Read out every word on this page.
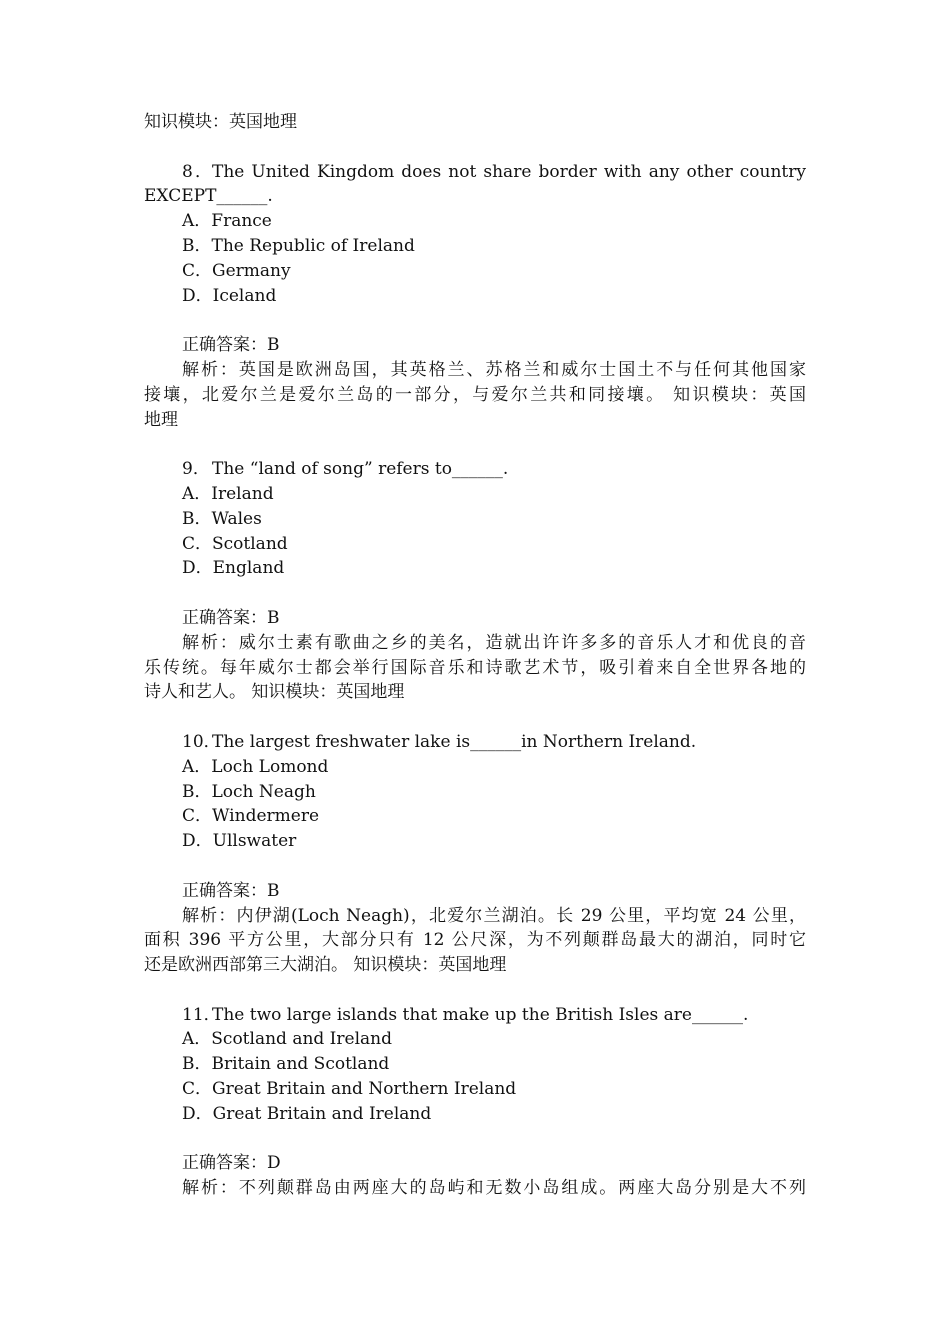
知识模块：英国地理
8．The United Kingdom does not share border with any other country
EXCEPT______.
A．France
B．The Republic of Ireland
C．Germany
D．Iceland
正确答案：B
解析：英国是欧洲岛国，其英格兰、苏格兰和威尔士国土不与任何其他国家
接壤，北爱尔兰是爱尔兰岛的一部分，与爱尔兰共和同接壤。 知识模块：英国
地理
9． The “land of song” refers to______.
A．Ireland
B．Wales
C．Scotland
D．England
正确答案：B
解析：威尔士素有歌曲之乡的美名，造就出许许多多的音乐人才和优良的音
乐传统。每年威尔士都会举行国际音乐和诗歌艺术节，吸引着来自全世界各地的
诗人和艺人。 知识模块：英国地理
10．The largest freshwater lake is______in Northern Ireland.
A．Loch Lomond
B．Loch Neagh
C．Windermere
D．Ullswater
正确答案：B
解析：内伊湖(Loch Neagh)，北爱尔兰湖泊。长 29 公里，平均宽 24 公里，
面积 396 平方公里，大部分只有 12 公尺深，为不列颠群岛最大的湖泊，同时它
还是欧洲西部第三大湖泊。 知识模块：英国地理
11．The two large islands that make up the British Isles are______.
A．Scotland and Ireland
B．Britain and Scotland
C．Great Britain and Northern Ireland
D．Great Britain and Ireland
正确答案：D
解析：不列颠群岛由两座大的岛屿和无数小岛组成。两座大岛分别是大不列
